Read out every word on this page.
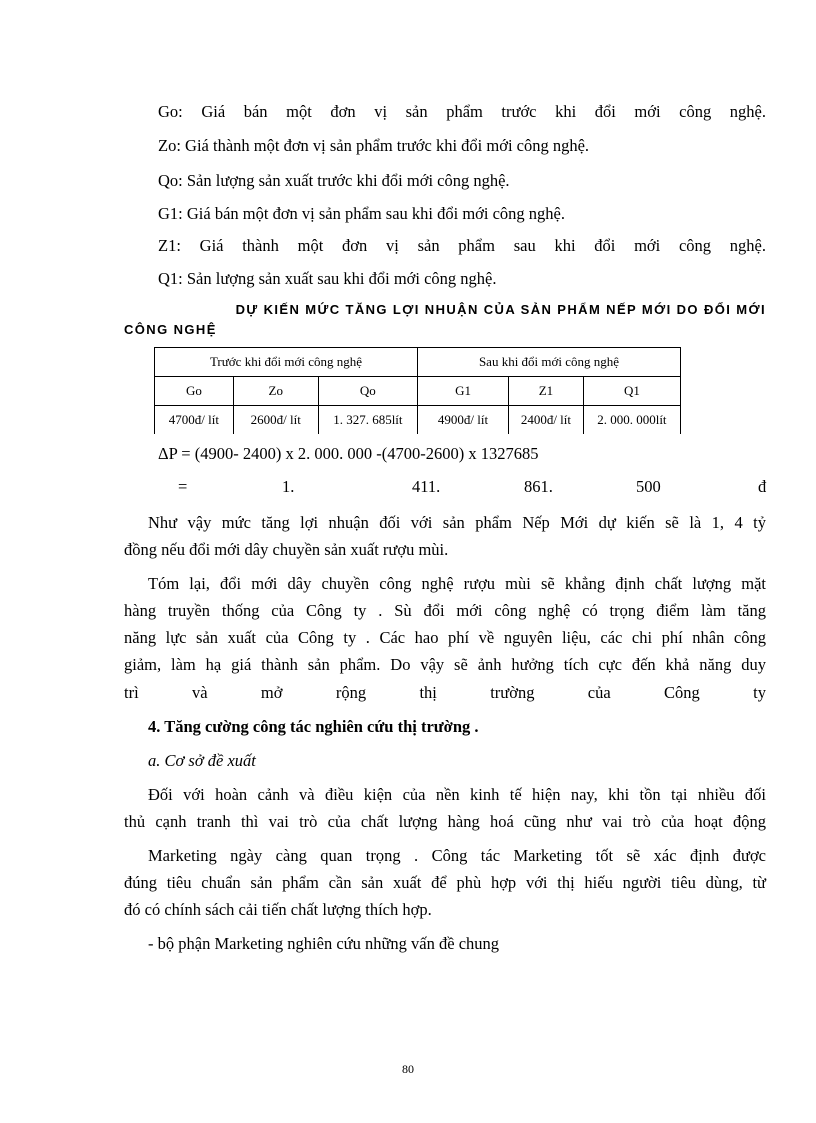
Go: Giá bán một đơn vị sản phẩm trước khi đổi mới công nghệ.
Zo: Giá thành một đơn vị sản phẩm trước khi đổi mới công nghệ.
Qo: Sản lượng sản xuất trước khi đổi mới công nghệ.
G1: Giá bán một đơn vị sản phẩm sau khi đổi mới công nghệ.
Z1: Giá thành một đơn vị sản phẩm sau khi đổi mới công nghệ.
Q1: Sản lượng sản xuất sau khi đổi mới công nghệ.
DỰ KIẾN MỨC TĂNG LỢI NHUẬN CỦA SẢN PHẨM NẾP MỚI DO ĐỔI MỚI
CÔNG NGHỆ
Trước khi đổi mới công nghệ			Sau khi đổi mới công nghệ		
Go	Zo	Qo	G1	Z1	Q1
4700đ/ lít	2600đ/ lít	1. 327. 685lít	4900đ/ lít	2400đ/ lít	2. 000. 000lít
ΔP = (4900- 2400) x 2. 000. 000 -(4700-2600) x 1327685
=	1.	411.	861.	500	đ
Như vậy mức tăng lợi nhuận đối với sản phẩm Nếp Mới dự kiến sẽ là 1, 4 tỷ
đồng nếu đổi mới dây chuyền sản xuất rượu mùi.
Tóm lại, đổi mới dây chuyền công nghệ rượu mùi sẽ khẳng định chất lượng mặt
hàng truyền thống của Công ty . Sù đổi mới công nghệ có trọng điểm làm tăng
năng lực sản xuất của Công ty . Các hao phí về nguyên liệu, các chi phí nhân công
giảm, làm hạ giá thành sản phẩm. Do vậy sẽ ảnh hưởng tích cực đến khả năng duy
trì và mở rộng thị trường của Công ty
4. Tăng cường công tác nghiên cứu thị trường .
a. Cơ sở đề xuất
Đối với hoàn cảnh và điều kiện của nền kinh tế hiện nay, khi tồn tại nhiều đối
thủ cạnh tranh thì vai trò của chất lượng hàng hoá cũng như vai trò của hoạt động
Marketing ngày càng quan trọng . Công tác Marketing tốt sẽ xác định được
đúng tiêu chuẩn sản phẩm cần sản xuất để phù hợp với thị hiếu người tiêu dùng, từ
đó có chính sách cải tiến chất lượng thích hợp.
- bộ phận Marketing nghiên cứu những vấn đề chung
80
